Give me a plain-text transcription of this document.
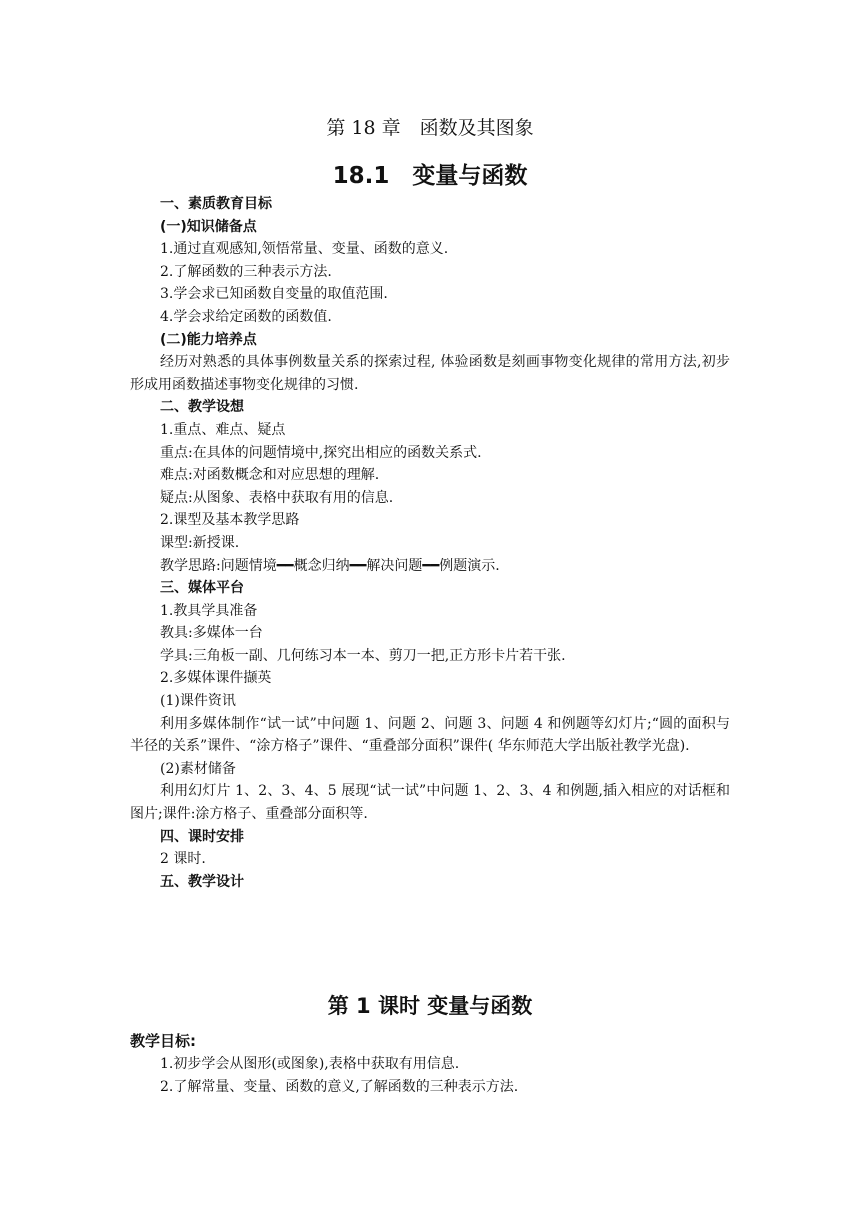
第 18 章　函数及其图象
18.1　变量与函数

一、素质教育目标

(一)知识储备点

1.通过直观感知,领悟常量、变量、函数的意义.

2.了解函数的三种表示方法.

3.学会求已知函数自变量的取值范围.

4.学会求给定函数的函数值.

(二)能力培养点

经历对熟悉的具体事例数量关系的探索过程, 体验函数是刻画事物变化规律的常用方法,初步形成用函数描述事物变化规律的习惯.

二、教学设想

1.重点、难点、疑点

重点:在具体的问题情境中,探究出相应的函数关系式.

难点:对函数概念和对应思想的理解.

疑点:从图象、表格中获取有用的信息.

2.课型及基本教学思路

课型:新授课.

教学思路:问题情境━━概念归纳━━解决问题━━例题演示.

三、媒体平台

1.教具学具准备

教具:多媒体一台

学具:三角板一副、几何练习本一本、剪刀一把,正方形卡片若干张.

2.多媒体课件撷英

(1)课件资讯

利用多媒体制作“试一试”中问题 1、问题 2、问题 3、问题 4 和例题等幻灯片;“圆的面积与半径的关系”课件、“涂方格子”课件、“重叠部分面积”课件( 华东师范大学出版社教学光盘).

(2)素材储备

利用幻灯片 1、2、3、4、5 展现“试一试”中问题 1、2、3、4 和例题,插入相应的对话框和图片;课件:涂方格子、重叠部分面积等.

四、课时安排

2 课时.

五、教学设计

第 1 课时 变量与函数

教学目标:

1.初步学会从图形(或图象),表格中获取有用信息.

2.了解常量、变量、函数的意义,了解函数的三种表示方法.
